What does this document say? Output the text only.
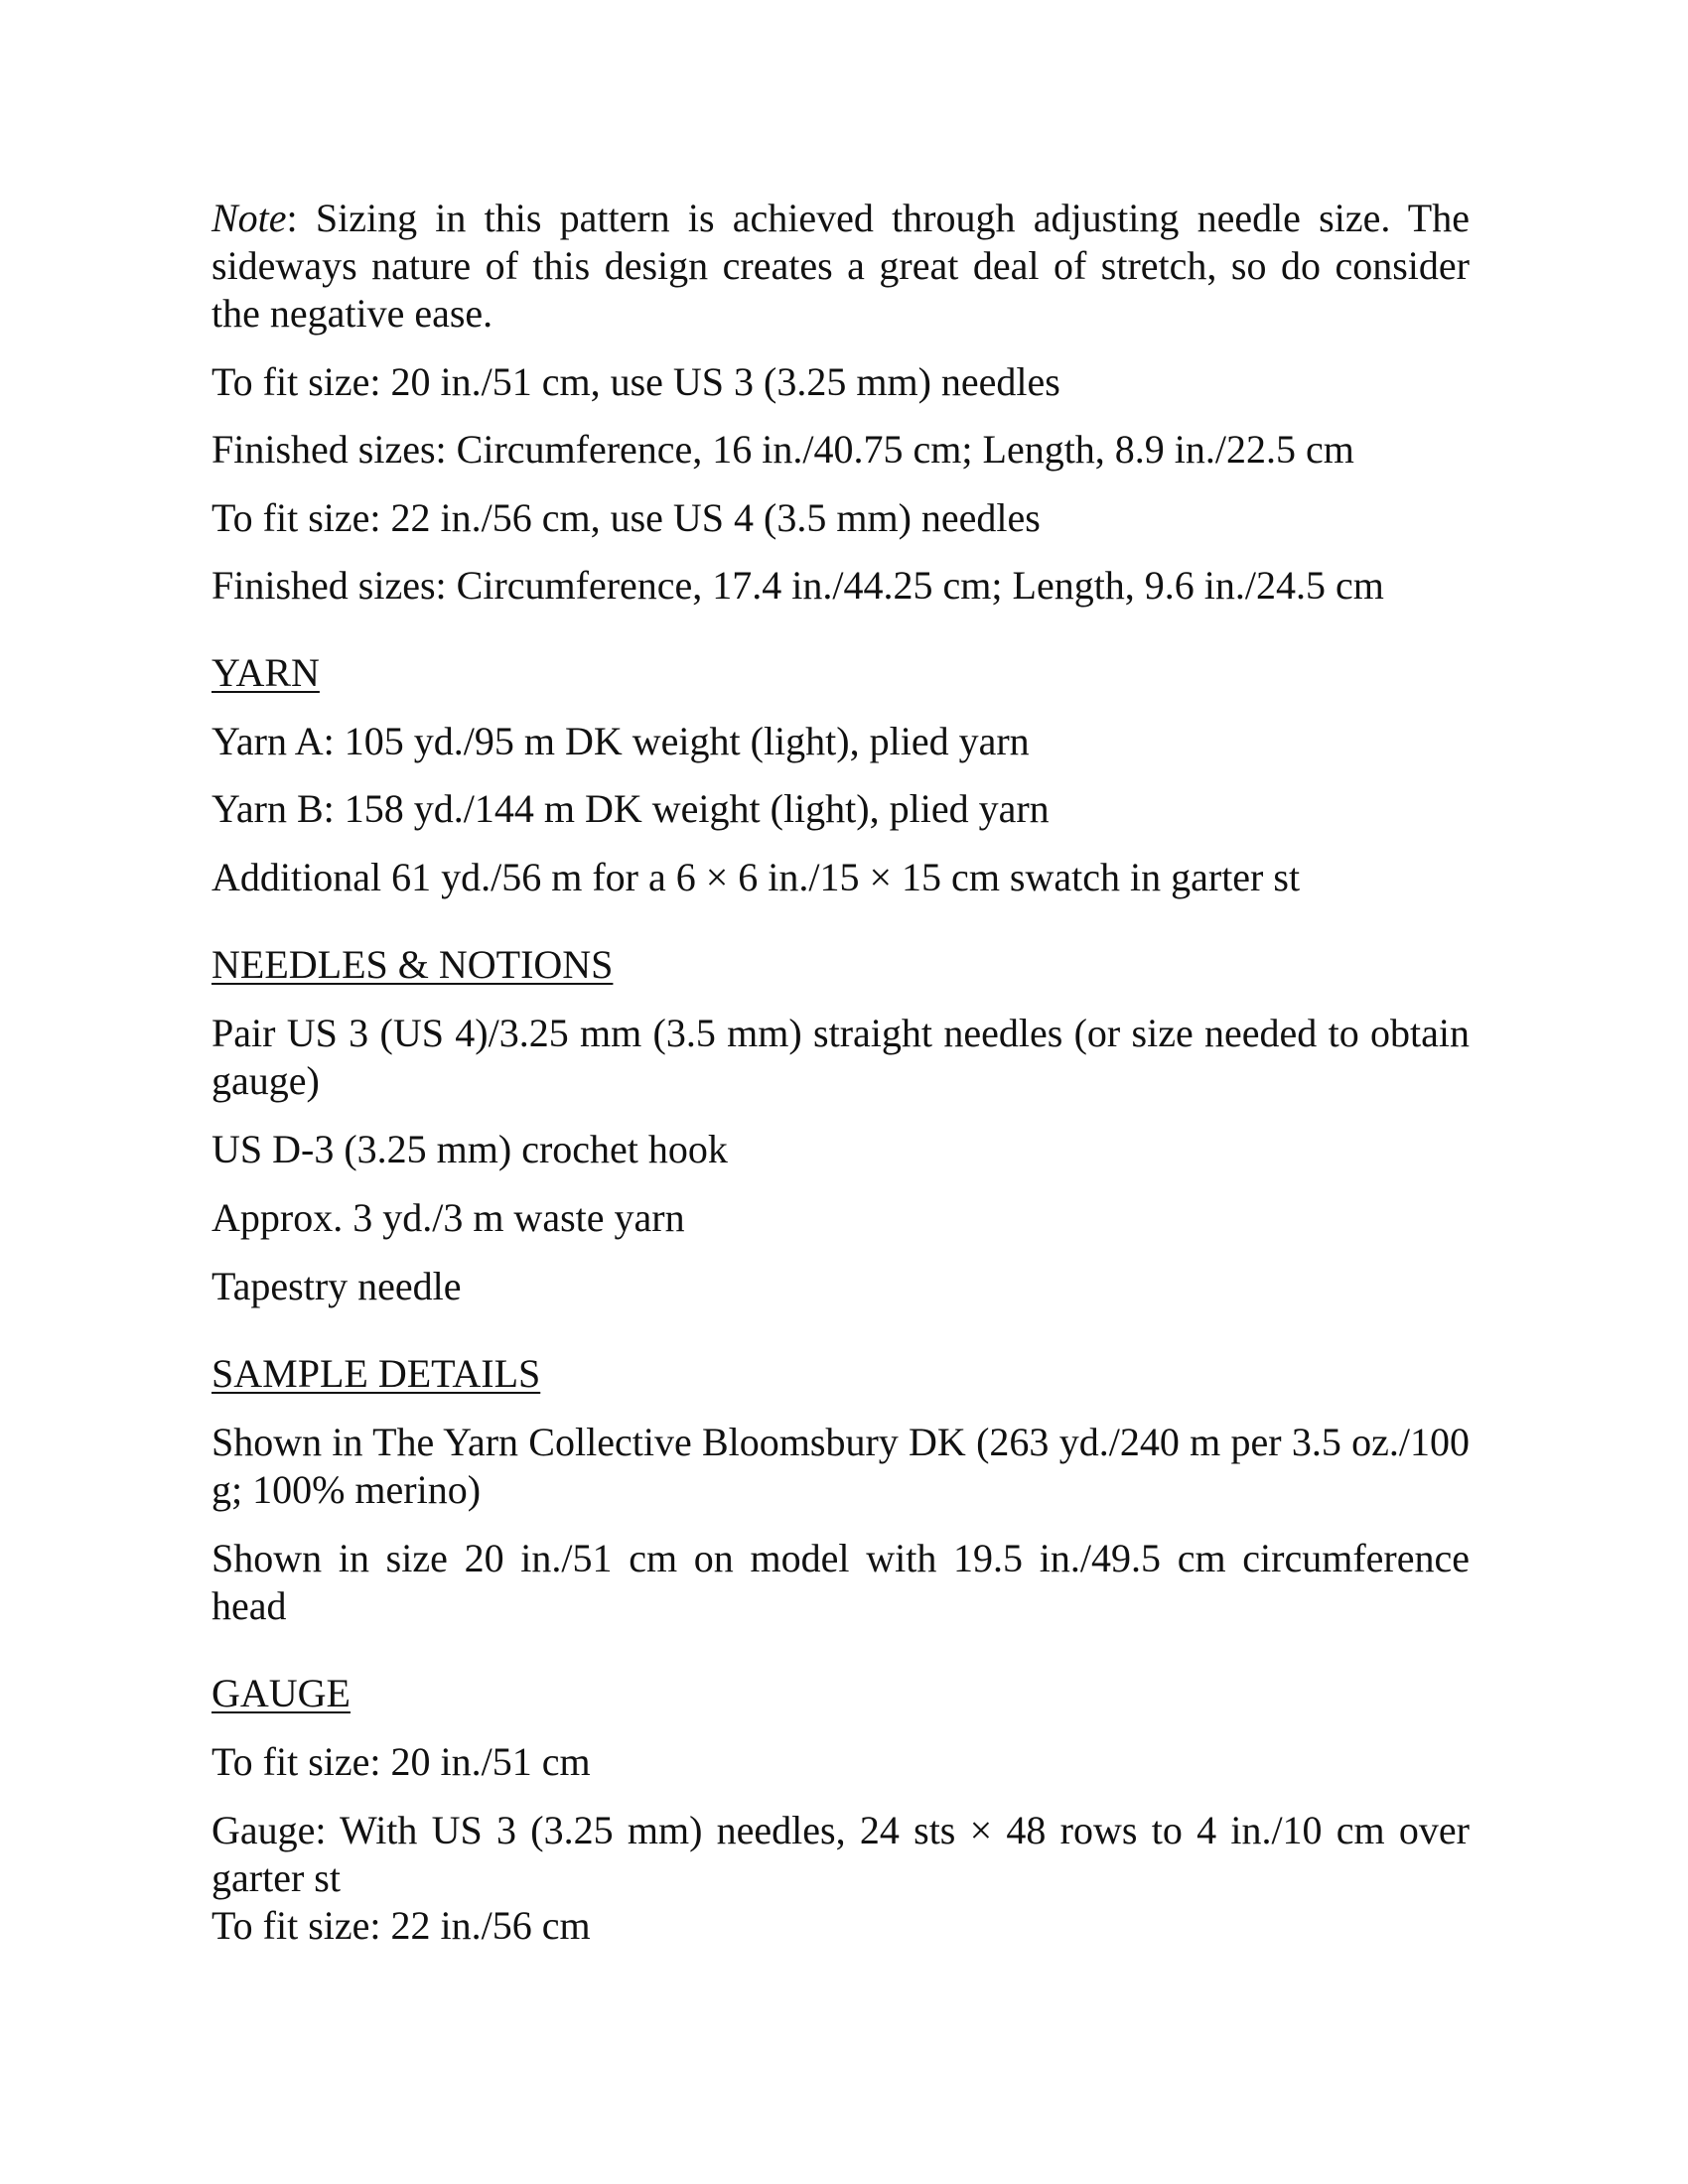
Note: Sizing in this pattern is achieved through adjusting needle size. The sideways nature of this design creates a great deal of stretch, so do consider the negative ease.

To fit size: 20 in./51 cm, use US 3 (3.25 mm) needles

Finished sizes: Circumference, 16 in./40.75 cm; Length, 8.9 in./22.5 cm

To fit size: 22 in./56 cm, use US 4 (3.5 mm) needles

Finished sizes: Circumference, 17.4 in./44.25 cm; Length, 9.6 in./24.5 cm

YARN

Yarn A: 105 yd./95 m DK weight (light), plied yarn

Yarn B: 158 yd./144 m DK weight (light), plied yarn

Additional 61 yd./56 m for a 6 × 6 in./15 × 15 cm swatch in garter st

NEEDLES & NOTIONS

Pair US 3 (US 4)/3.25 mm (3.5 mm) straight needles (or size needed to obtain gauge)

US D-3 (3.25 mm) crochet hook

Approx. 3 yd./3 m waste yarn

Tapestry needle

SAMPLE DETAILS

Shown in The Yarn Collective Bloomsbury DK (263 yd./240 m per 3.5 oz./100 g; 100% merino)

Shown in size 20 in./51 cm on model with 19.5 in./49.5 cm circumference head

GAUGE

To fit size: 20 in./51 cm

Gauge: With US 3 (3.25 mm) needles, 24 sts × 48 rows to 4 in./10 cm over garter st

To fit size: 22 in./56 cm
